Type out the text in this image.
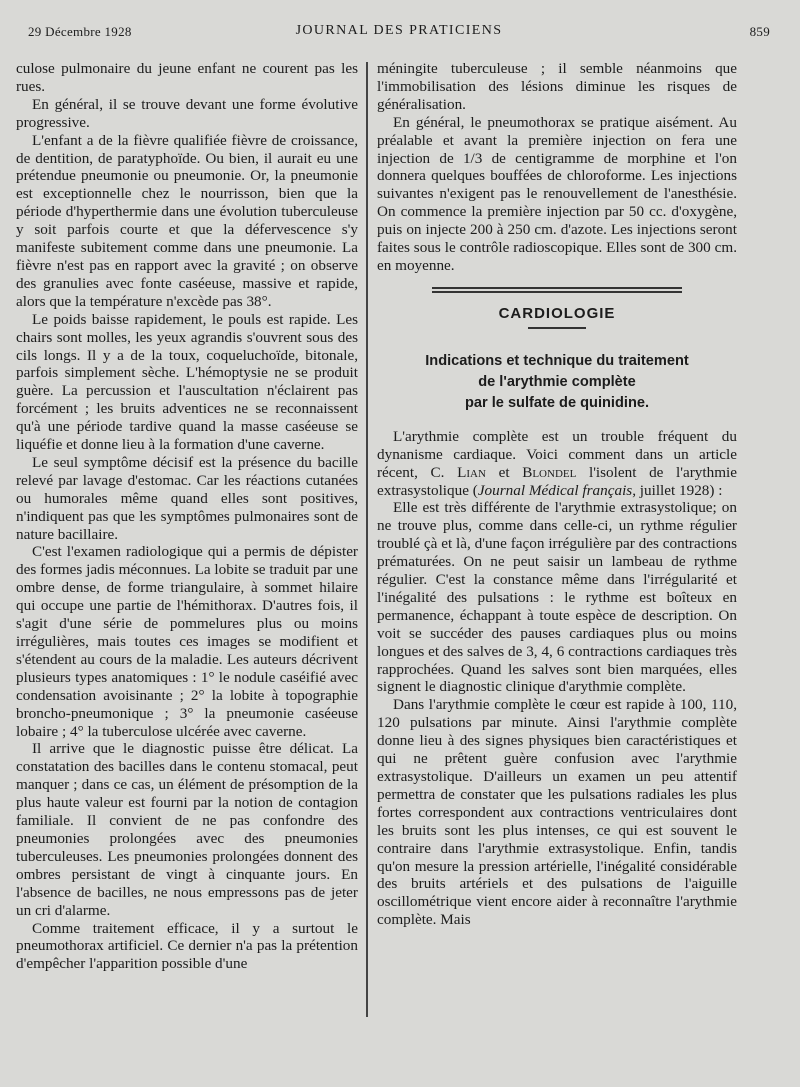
29 Décembre 1928	JOURNAL DES PRATICIENS	859

culose pulmonaire du jeune enfant ne courent pas les rues.

En général, il se trouve devant une forme évolutive progressive.

L'enfant a de la fièvre qualifiée fièvre de croissance, de dentition, de paratyphoïde. Ou bien, il aurait eu une prétendue pneumonie ou pneumonie. Or, la pneumonie est exceptionnelle chez le nourrisson, bien que la période d'hyperthermie dans une évolution tuberculeuse y soit parfois courte et que la défervescence s'y manifeste subitement comme dans une pneumonie. La fièvre n'est pas en rapport avec la gravité ; on observe des granulies avec fonte caséeuse, massive et rapide, alors que la température n'excède pas 38°.

Le poids baisse rapidement, le pouls est rapide. Les chairs sont molles, les yeux agrandis s'ouvrent sous des cils longs. Il y a de la toux, coqueluchoïde, bitonale, parfois simplement sèche. L'hémoptysie ne se produit guère. La percussion et l'auscultation n'éclairent pas forcément ; les bruits adventices ne se reconnaissent qu'à une période tardive quand la masse caséeuse se liquéfie et donne lieu à la formation d'une caverne.

Le seul symptôme décisif est la présence du bacille relevé par lavage d'estomac. Car les réactions cutanées ou humorales même quand elles sont positives, n'indiquent pas que les symptômes pulmonaires sont de nature bacillaire.

C'est l'examen radiologique qui a permis de dépister des formes jadis méconnues. La lobite se traduit par une ombre dense, de forme triangulaire, à sommet hilaire qui occupe une partie de l'hémithorax. D'autres fois, il s'agit d'une série de pommelures plus ou moins irrégulières, mais toutes ces images se modifient et s'étendent au cours de la maladie. Les auteurs décrivent plusieurs types anatomiques : 1° le nodule caséifié avec condensation avoisinante ; 2° la lobite à topographie broncho-pneumonique ; 3° la pneumonie caséeuse lobaire ; 4° la tuberculose ulcérée avec caverne.

Il arrive que le diagnostic puisse être délicat. La constatation des bacilles dans le contenu stomacal, peut manquer ; dans ce cas, un élément de présomption de la plus haute valeur est fourni par la notion de contagion familiale. Il convient de ne pas confondre des pneumonies prolongées avec des pneumonies tuberculeuses. Les pneumonies prolongées donnent des ombres persistant de vingt à cinquante jours. En l'absence de bacilles, ne nous empressons pas de jeter un cri d'alarme.

Comme traitement efficace, il y a surtout le pneumothorax artificiel. Ce dernier n'a pas la prétention d'empêcher l'apparition possible d'une

méningite tuberculeuse ; il semble néanmoins que l'immobilisation des lésions diminue les risques de généralisation.

En général, le pneumothorax se pratique aisément. Au préalable et avant la première injection on fera une injection de 1/3 de centigramme de morphine et l'on donnera quelques bouffées de chloroforme. Les injections suivantes n'exigent pas le renouvellement de l'anesthésie. On commence la première injection par 50 cc. d'oxygène, puis on injecte 200 à 250 cm. d'azote. Les injections seront faites sous le contrôle radioscopique. Elles sont de 300 cm. en moyenne.

CARDIOLOGIE
Indications et technique du traitement
de l'arythmie complète
par le sulfate de quinidine.

L'arythmie complète est un trouble fréquent du dynanisme cardiaque. Voici comment dans un article récent, C. Lian et Blondel l'isolent de l'arythmie extrasystolique (Journal Médical français, juillet 1928) :

Elle est très différente de l'arythmie extrasystolique; on ne trouve plus, comme dans celle-ci, un rythme régulier troublé çà et là, d'une façon irrégulière par des contractions prématurées. On ne peut saisir un lambeau de rythme régulier. C'est la constance même dans l'irrégularité et l'inégalité des pulsations : le rythme est boîteux en permanence, échappant à toute espèce de description. On voit se succéder des pauses cardiaques plus ou moins longues et des salves de 3, 4, 6 contractions cardiaques très rapprochées. Quand les salves sont bien marquées, elles signent le diagnostic clinique d'arythmie complète.

Dans l'arythmie complète le cœur est rapide à 100, 110, 120 pulsations par minute. Ainsi l'arythmie complète donne lieu à des signes physiques bien caractéristiques et qui ne prêtent guère confusion avec l'arythmie extrasystolique. D'ailleurs un examen un peu attentif permettra de constater que les pulsations radiales les plus fortes correspondent aux contractions ventriculaires dont les bruits sont les plus intenses, ce qui est souvent le contraire dans l'arythmie extrasystolique. Enfin, tandis qu'on mesure la pression artérielle, l'inégalité considérable des bruits artériels et des pulsations de l'aiguille oscillométrique vient encore aider à reconnaître l'arythmie complète. Mais
